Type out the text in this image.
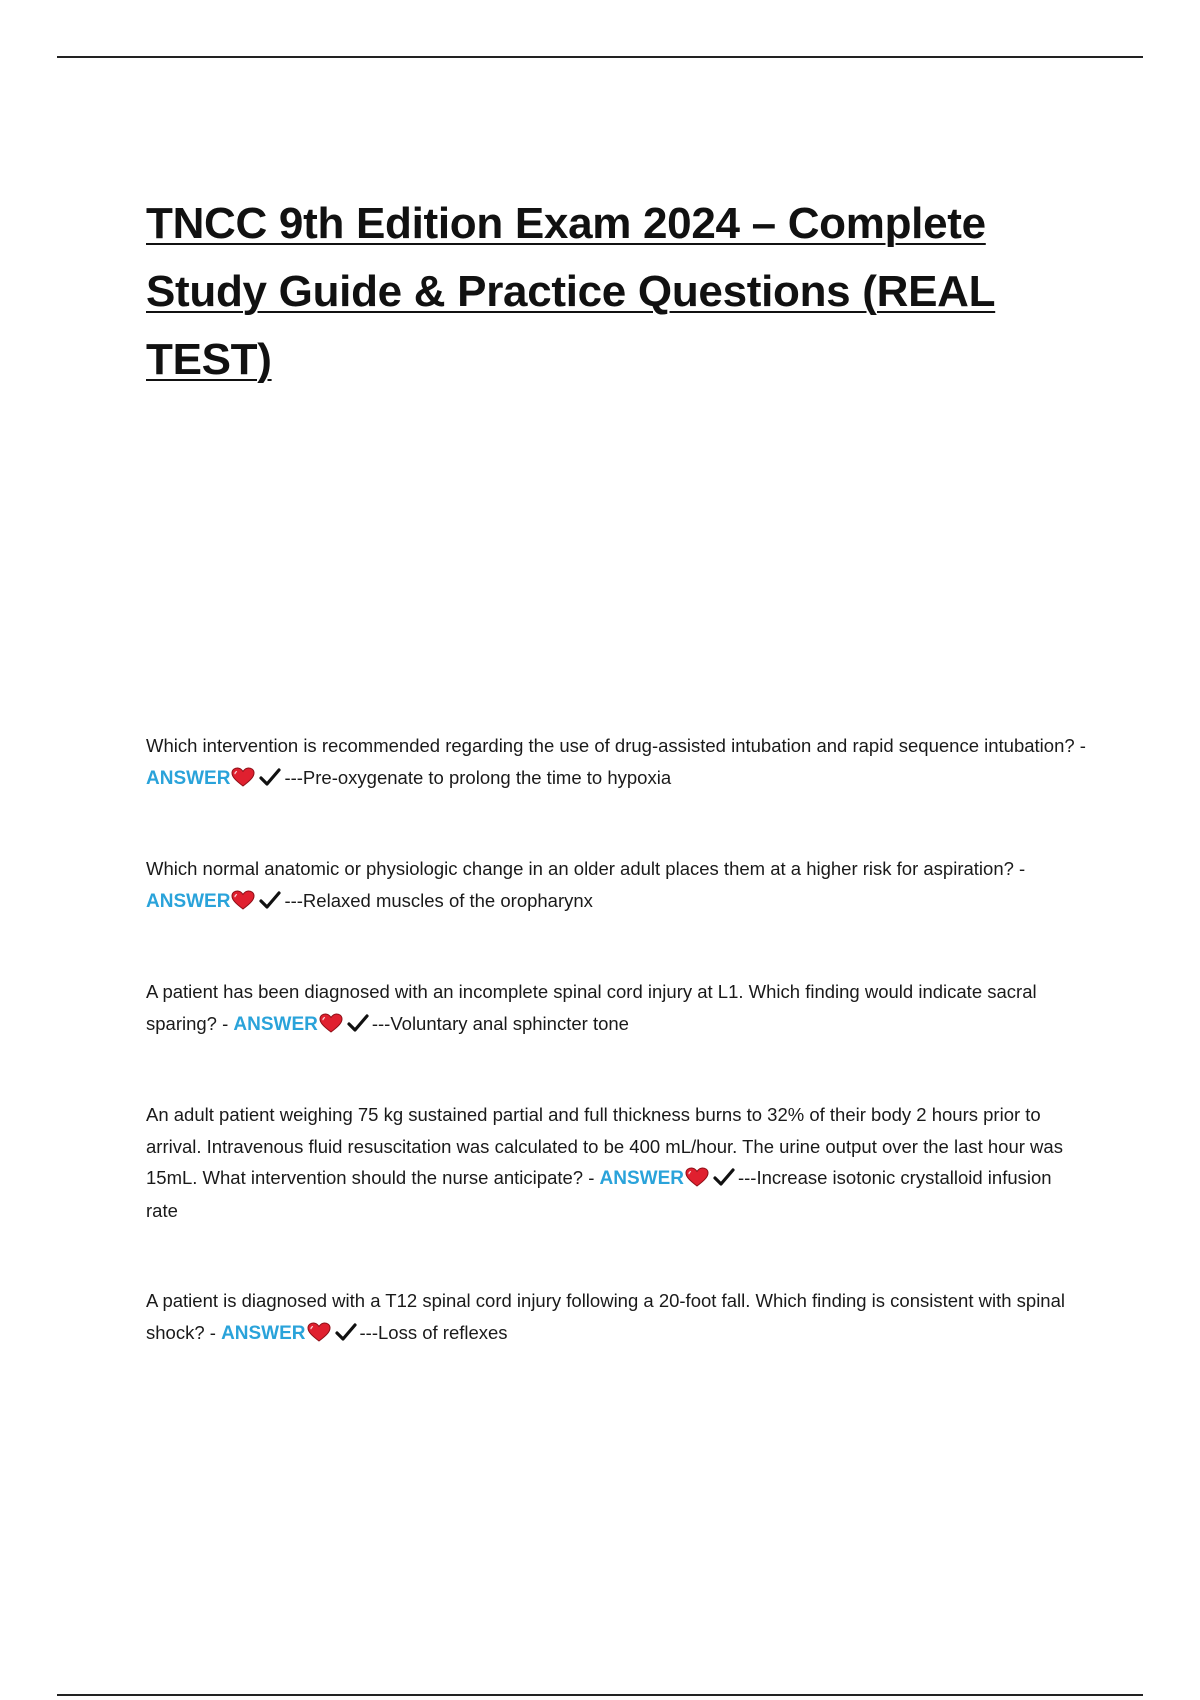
TNCC 9th Edition Exam 2024 – Complete Study Guide & Practice Questions (REAL TEST)

Which intervention is recommended regarding the use of drug-assisted intubation and rapid sequence intubation? - ANSWER	---Pre-oxygenate to prolong the time to hypoxia

Which normal anatomic or physiologic change in an older adult places them at a higher risk for aspiration? - ANSWER	---Relaxed muscles of the oropharynx

A patient has been diagnosed with an incomplete spinal cord injury at L1. Which finding would indicate sacral sparing? - ANSWER	---Voluntary anal sphincter tone

An adult patient weighing 75 kg sustained partial and full thickness burns to 32% of their body 2 hours prior to arrival. Intravenous fluid resuscitation was calculated to be 400 mL/hour. The urine output over the last hour was 15mL. What intervention should the nurse anticipate? - ANSWER	---Increase isotonic crystalloid infusion rate

A patient is diagnosed with a T12 spinal cord injury following a 20-foot fall. Which finding is consistent with spinal shock? - ANSWER	---Loss of reflexes
